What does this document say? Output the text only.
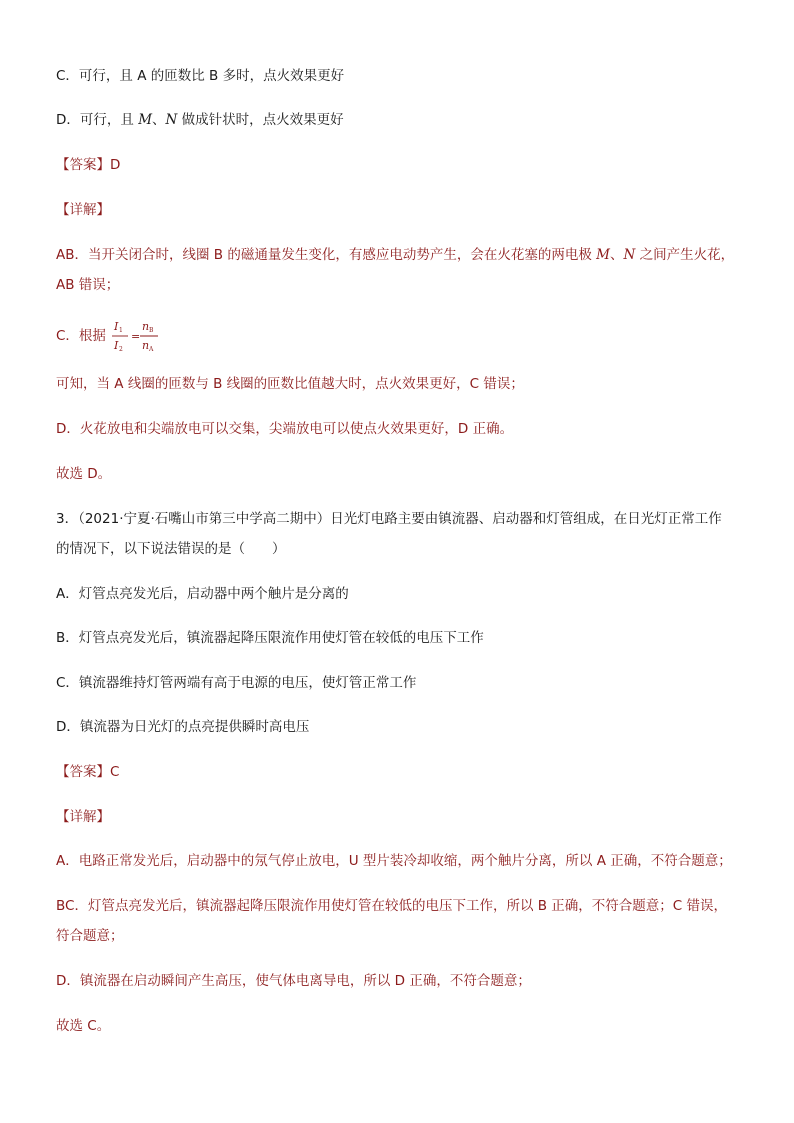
C．可行，且 A 的匝数比 B 多时，点火效果更好
D．可行，且 M、N 做成针状时，点火效果更好
【答案】D
【详解】
AB．当开关闭合时，线圈 B 的磁通量发生变化，有感应电动势产生，会在火花塞的两电极 M、N 之间产生火花，
AB 错误；
C．根据
I 1
I 2
=
n B
n A
可知，当 A 线圈的匝数与 B 线圈的匝数比值越大时，点火效果更好，C 错误；
D．火花放电和尖端放电可以交集，尖端放电可以使点火效果更好，D 正确。
故选 D。
3．（2021·宁夏·石嘴山市第三中学高二期中）日光灯电路主要由镇流器、启动器和灯管组成，在日光灯正常工作
的情况下，以下说法错误的是（　　）
A．灯管点亮发光后，启动器中两个触片是分离的
B．灯管点亮发光后，镇流器起降压限流作用使灯管在较低的电压下工作
C．镇流器维持灯管两端有高于电源的电压，使灯管正常工作
D．镇流器为日光灯的点亮提供瞬时高电压
【答案】C
【详解】
A．电路正常发光后，启动器中的氖气停止放电，U 型片装冷却收缩，两个触片分离，所以 A 正确，不符合题意；
BC．灯管点亮发光后，镇流器起降压限流作用使灯管在较低的电压下工作，所以 B 正确，不符合题意；C 错误，
符合题意；
D．镇流器在启动瞬间产生高压，使气体电离导电，所以 D 正确，不符合题意；
故选 C。
